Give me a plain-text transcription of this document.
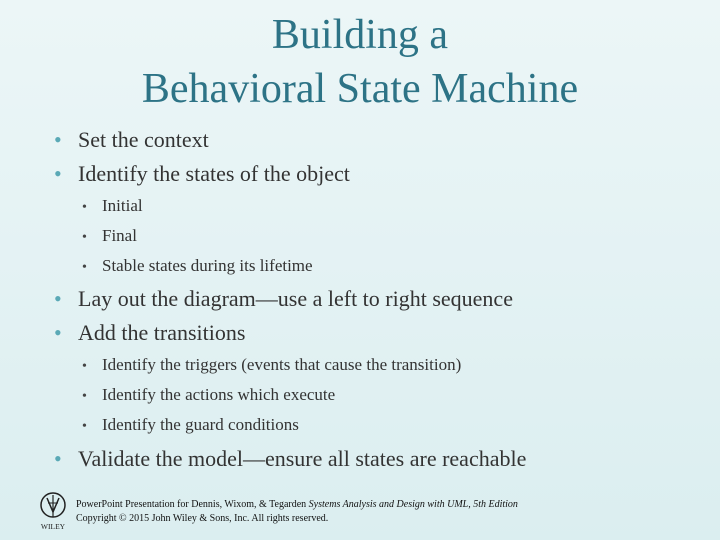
Building a
Behavioral State Machine
• Set the context
• Identify the states of the object
• Initial
• Final
• Stable states during its lifetime
• Lay out the diagram—use a left to right sequence
• Add the transitions
• Identify the triggers (events that cause the transition)
• Identify the actions which execute
• Identify the guard conditions
• Validate the model—ensure all states are reachable
WILEY
PowerPoint Presentation for Dennis, Wixom, & Tegarden Systems Analysis and Design with UML, 5th Edition
Copyright © 2015 John Wiley & Sons, Inc. All rights reserved.
